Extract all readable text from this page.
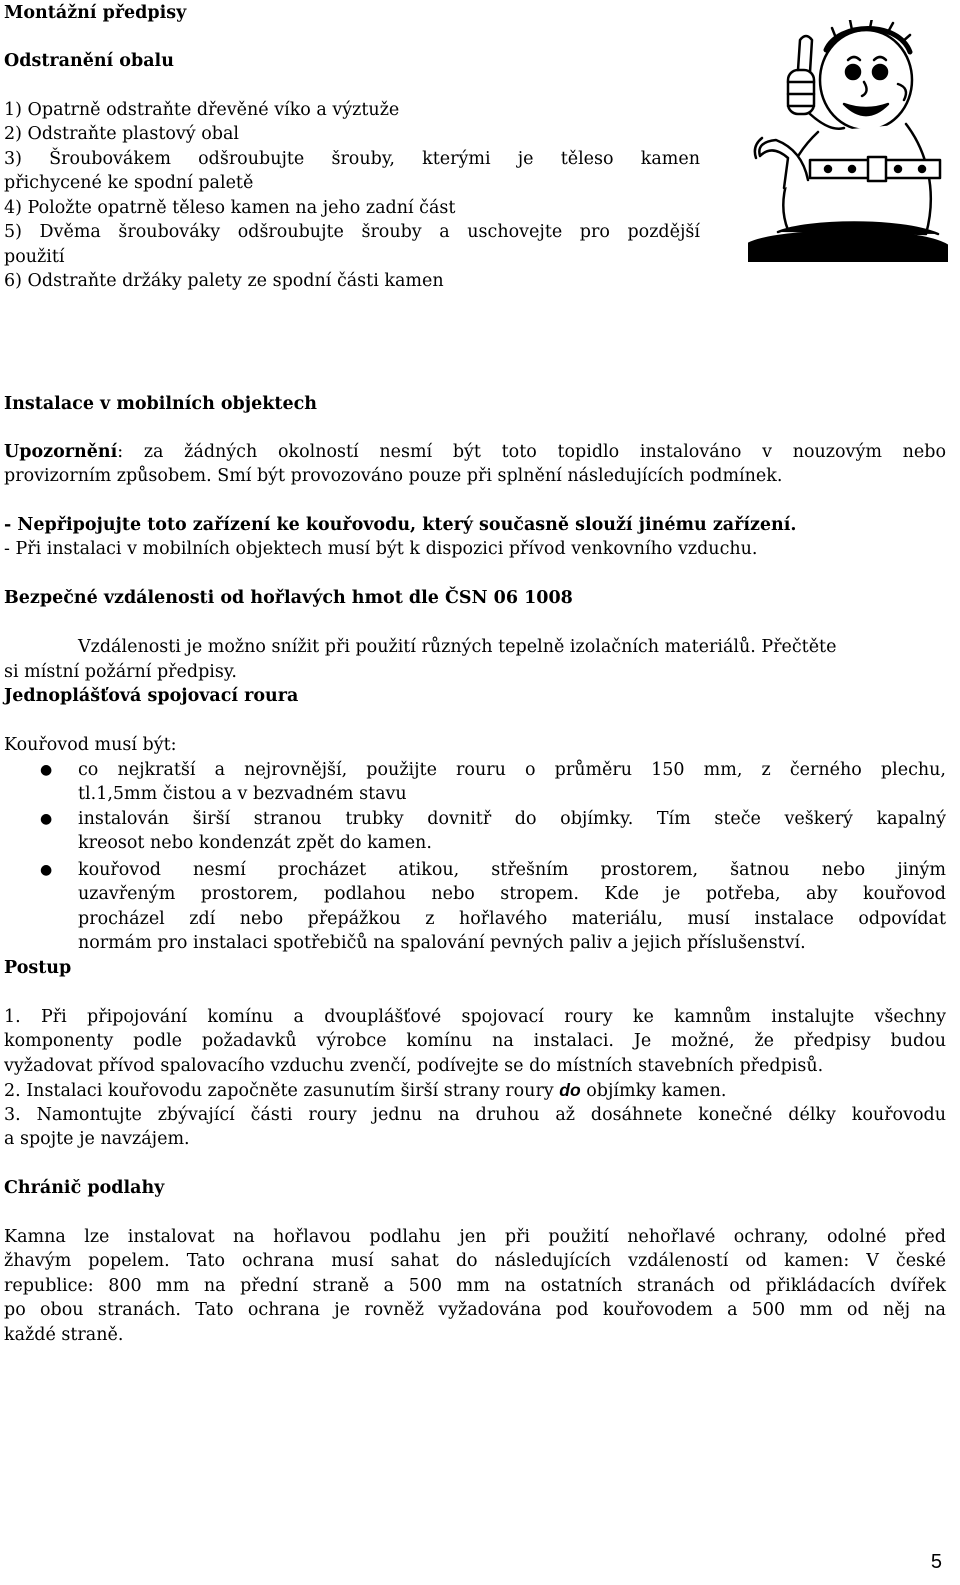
Montážní předpisy
Odstranění obalu
1) Opatrně odstraňte dřevěné víko a výztuže
2) Odstraňte plastový obal
3) Šroubovákem odšroubujte šrouby, kterými je těleso kamen
přichycené ke spodní paletě
4) Položte opatrně těleso kamen na jeho zadní část
5) Dvěma šroubováky odšroubujte šrouby a uschovejte pro pozdější
použití
6) Odstraňte držáky palety ze spodní části kamen
Instalace v mobilních objektech
Upozornění: za žádných okolností nesmí být toto topidlo instalováno v nouzovým nebo
provizorním způsobem. Smí být provozováno pouze při splnění následujících podmínek.
- Nepřipojujte toto zařízení ke kouřovodu, který současně slouží jinému zařízení.
- Při instalaci v mobilních objektech musí být k dispozici přívod venkovního vzduchu.
Bezpečné vzdálenosti od hořlavých hmot dle ČSN 06 1008
Vzdálenosti je možno snížit při použití různých tepelně izolačních materiálů. Přečtěte
si místní požární předpisy.
Jednoplášťová spojovací roura
Kouřovod musí být:
● co nejkratší a nejrovnější, použijte rouru o průměru 150 mm, z černého plechu,
tl.1,5mm čistou a v bezvadném stavu
● instalován širší stranou trubky dovnitř do objímky. Tím steče veškerý kapalný
kreosot nebo kondenzát zpět do kamen.
● kouřovod nesmí procházet atikou, střešním prostorem, šatnou nebo jiným
uzavřeným prostorem, podlahou nebo stropem. Kde je potřeba, aby kouřovod
procházel zdí nebo přepážkou z hořlavého materiálu, musí instalace odpovídat
normám pro instalaci spotřebičů na spalování pevných paliv a jejich příslušenství.
Postup
1. Při připojování komínu a dvouplášťové spojovací roury ke kamnům instalujte všechny
komponenty podle požadavků výrobce komínu na instalaci. Je možné, že předpisy budou
vyžadovat přívod spalovacího vzduchu zvenčí, podívejte se do místních stavebních předpisů.
2. Instalaci kouřovodu započněte zasunutím širší strany roury do objímky kamen.
3. Namontujte zbývající části roury jednu na druhou až dosáhnete konečné délky kouřovodu
a spojte je navzájem.
Chránič podlahy
Kamna lze instalovat na hořlavou podlahu jen při použití nehořlavé ochrany, odolné před
žhavým popelem. Tato ochrana musí sahat do následujících vzdáleností od kamen: V české
republice: 800 mm na přední straně a 500 mm na ostatních stranách od přikládacích dvířek
po obou stranách. Tato ochrana je rovněž vyžadována pod kouřovodem a 500 mm od něj na
každé straně.
5
